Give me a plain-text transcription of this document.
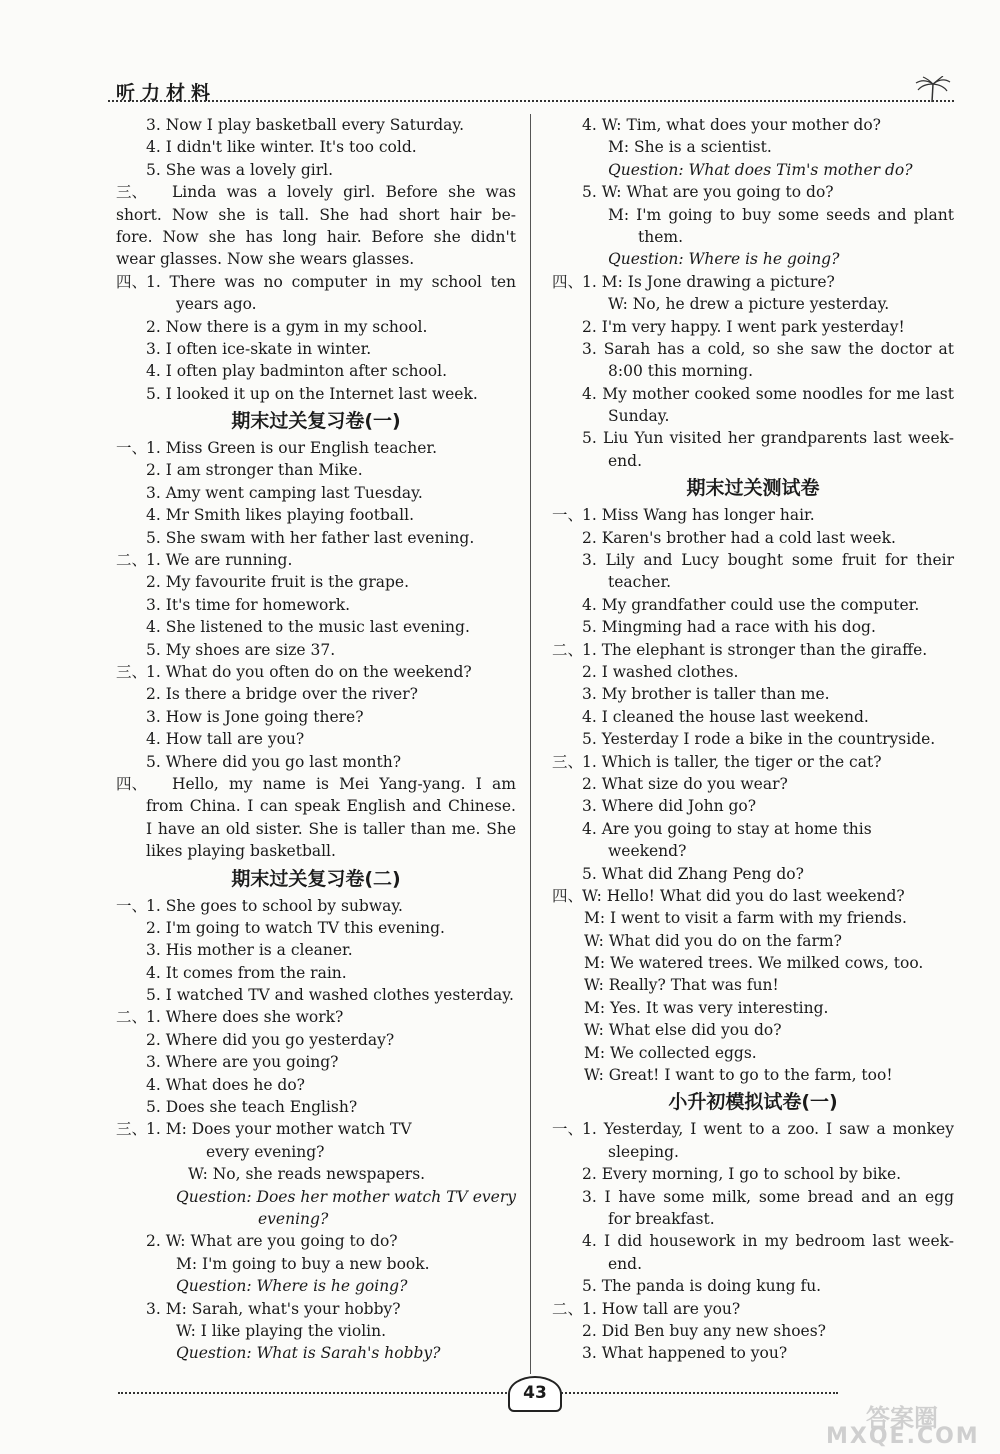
听力材料
3. Now I play basketball every Saturday.
4. I didn't like winter. It's too cold.
5. She was a lovely girl.
三、 Linda was a lovely girl. Before she was
short. Now she is tall. She had short hair be-
fore. Now she has long hair. Before she didn't
wear glasses. Now she wears glasses.
四、
1. There was no computer in my school ten
years ago.
2. Now there is a gym in my school.
3. I often ice-skate in winter.
4. I often play badminton after school.
5. I looked it up on the Internet last week.
期末过关复习卷(一)
一、
1. Miss Green is our English teacher.
2. I am stronger than Mike.
3. Amy went camping last Tuesday.
4. Mr Smith likes playing football.
5. She swam with her father last evening.
二、
1. We are running.
2. My favourite fruit is the grape.
3. It's time for homework.
4. She listened to the music last evening.
5. My shoes are size 37.
三、
1. What do you often do on the weekend?
2. Is there a bridge over the river?
3. How is Jone going there?
4. How tall are you?
5. Where did you go last month?
四、 Hello, my name is Mei Yang-yang. I am
from China. I can speak English and Chinese.
I have an old sister. She is taller than me. She
likes playing basketball.
期末过关复习卷(二)
一、
1. She goes to school by subway.
2. I'm going to watch TV this evening.
3. His mother is a cleaner.
4. It comes from the rain.
5. I watched TV and washed clothes yesterday.
二、
1. Where does she work?
2. Where did you go yesterday?
3. Where are you going?
4. What does he do?
5. Does she teach English?
三、
1. M: Does your mother watch TV
every evening?
W: No, she reads newspapers.
Question: Does her mother watch TV every
evening?
2. W: What are you going to do?
M: I'm going to buy a new book.
Question: Where is he going?
3. M: Sarah, what's your hobby?
W: I like playing the violin.
Question: What is Sarah's hobby?
4. W: Tim, what does your mother do?
M: She is a scientist.
Question: What does Tim's mother do?
5. W: What are you going to do?
M: I'm going to buy some seeds and plant
them.
Question: Where is he going?
四、
1. M: Is Jone drawing a picture?
W: No, he drew a picture yesterday.
2. I'm very happy. I went park yesterday!
3. Sarah has a cold, so she saw the doctor at
8:00 this morning.
4. My mother cooked some noodles for me last
Sunday.
5. Liu Yun visited her grandparents last week-
end.
期末过关测试卷
一、
1. Miss Wang has longer hair.
2. Karen's brother had a cold last week.
3. Lily and Lucy bought some fruit for their
teacher.
4. My grandfather could use the computer.
5. Mingming had a race with his dog.
二、
1. The elephant is stronger than the giraffe.
2. I washed clothes.
3. My brother is taller than me.
4. I cleaned the house last weekend.
5. Yesterday I rode a bike in the countryside.
三、
1. Which is taller, the tiger or the cat?
2. What size do you wear?
3. Where did John go?
4. Are you going to stay at home this
weekend?
5. What did Zhang Peng do?
四、
W: Hello! What did you do last weekend?
M: I went to visit a farm with my friends.
W: What did you do on the farm?
M: We watered trees. We milked cows, too.
W: Really? That was fun!
M: Yes. It was very interesting.
W: What else did you do?
M: We collected eggs.
W: Great! I want to go to the farm, too!
小升初模拟试卷(一)
一、
1. Yesterday, I went to a zoo. I saw a monkey
sleeping.
2. Every morning, I go to school by bike.
3. I have some milk, some bread and an egg
for breakfast.
4. I did housework in my bedroom last week-
end.
5. The panda is doing kung fu.
二、
1. How tall are you?
2. Did Ben buy any new shoes?
3. What happened to you?
43
答案圈
MXQE.COM
